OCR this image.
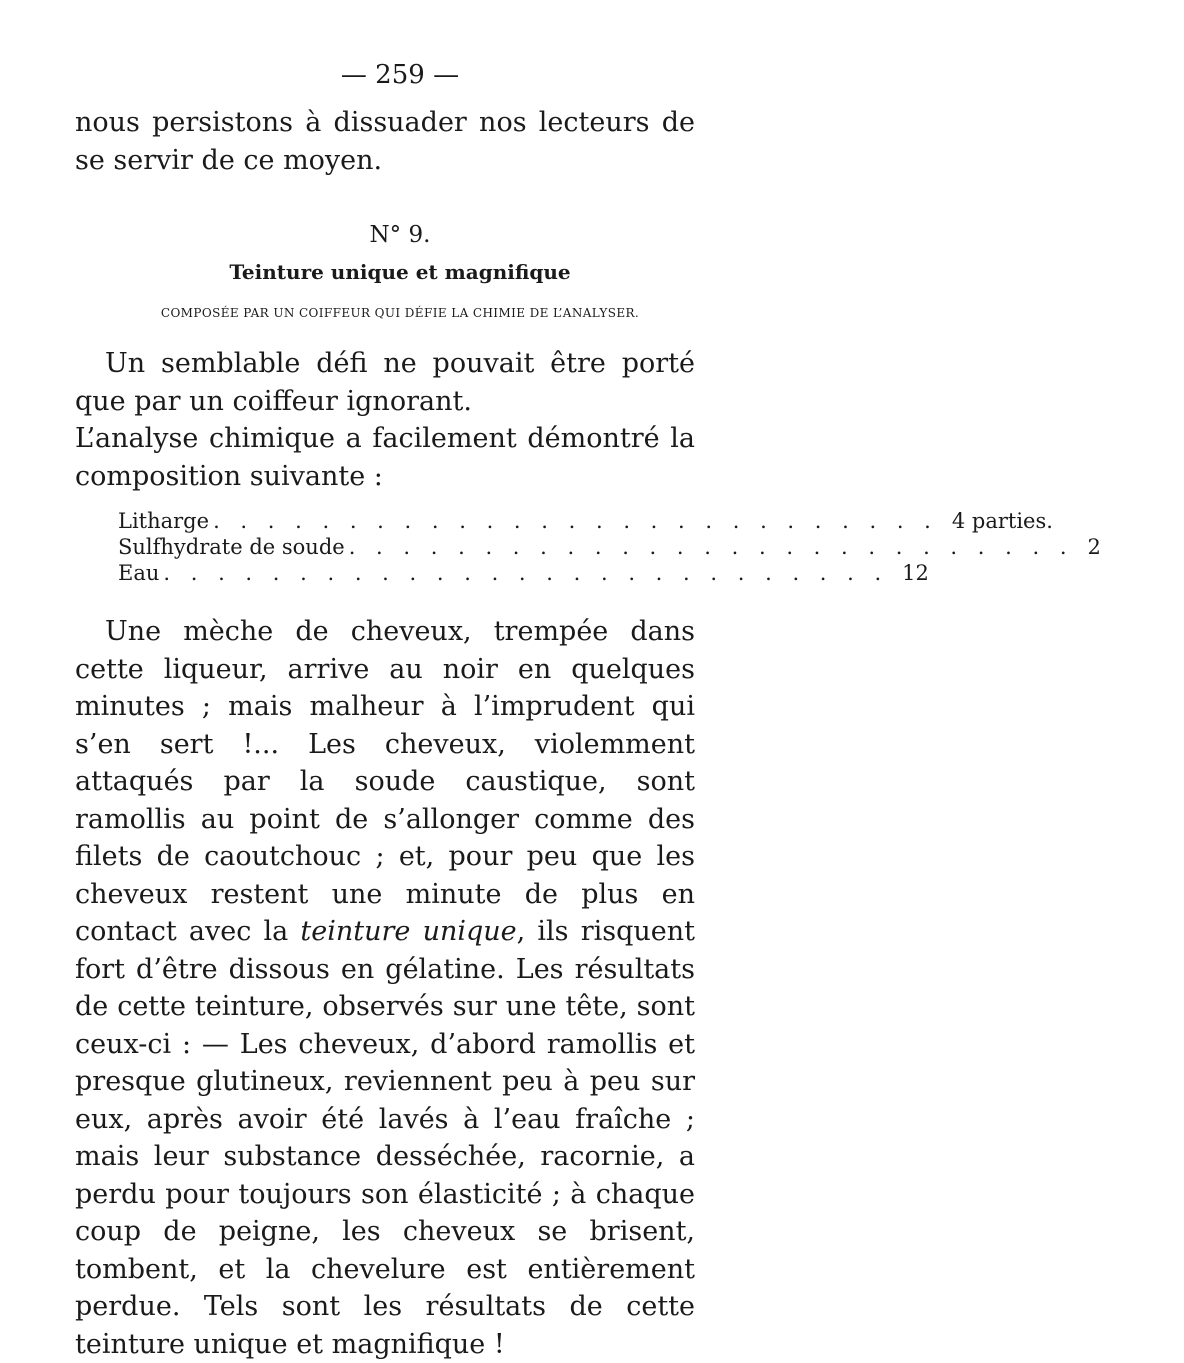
— 259 —
nous persistons à dissuader nos lecteurs de se servir de ce moyen.
N° 9.
Teinture unique et magnifique
COMPOSÉE PAR UN COIFFEUR QUI DÉFIE LA CHIMIE DE L’ANALYSER.
Un semblable défi ne pouvait être porté que par un coiffeur ignorant.
L’analyse chimique a facilement démontré la composition suivante :
Litharge . . . . . . . . . . . . . . . . . . . . . . . . . . . 4 parties.
Sulfhydrate de soude . . . . . . . . . . . . . . . . . . . . . . . . . . . 2
Eau . . . . . . . . . . . . . . . . . . . . . . . . . . . 12
Une mèche de cheveux, trempée dans cette liqueur, arrive au noir en quelques minutes ; mais malheur à l’imprudent qui s’en sert !... Les cheveux, violemment attaqués par la soude caustique, sont ramollis au point de s’allonger comme des filets de caoutchouc ; et, pour peu que les cheveux restent une minute de plus en contact avec la teinture unique, ils risquent fort d’être dissous en gélatine. Les résultats de cette teinture, observés sur une tête, sont ceux-ci : — Les cheveux, d’abord ramollis et presque glutineux, reviennent peu à peu sur eux, après avoir été lavés à l’eau fraîche ; mais leur substance desséchée, racornie, a perdu pour toujours son élasticité ; à chaque coup de peigne, les cheveux se brisent, tombent, et la chevelure est entièrement perdue. Tels sont les résultats de cette teinture unique et magnifique !
